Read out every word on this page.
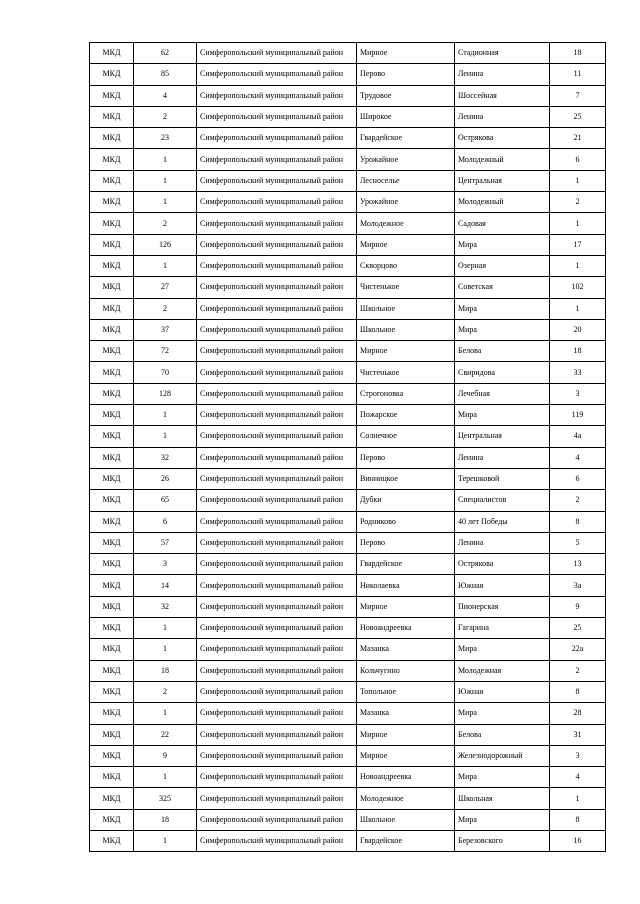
МКД	62	Симферопольский муниципальный район	Мирное	Стадионная	18
МКД	85	Симферопольский муниципальный район	Перово	Ленина	11
МКД	4	Симферопольский муниципальный район	Трудовое	Шоссейная	7
МКД	2	Симферопольский муниципальный район	Широкое	Ленина	25
МКД	23	Симферопольский муниципальный район	Гвардейское	Острякова	21
МКД	1	Симферопольский муниципальный район	Урожайное	Молодежный	6
МКД	1	Симферопольский муниципальный район	Лесноселье	Центральная	1
МКД	1	Симферопольский муниципальный район	Урожайное	Молодежный	2
МКД	2	Симферопольский муниципальный район	Молодежное	Садовая	1
МКД	126	Симферопольский муниципальный район	Мирное	Мира	17
МКД	1	Симферопольский муниципальный район	Скворцово	Озерная	1
МКД	27	Симферопольский муниципальный район	Чистенькое	Советская	102
МКД	2	Симферопольский муниципальный район	Школьное	Мира	1
МКД	37	Симферопольский муниципальный район	Школьное	Мира	20
МКД	72	Симферопольский муниципальный район	Мирное	Белова	18
МКД	70	Симферопольский муниципальный район	Чистенькое	Свиридова	33
МКД	128	Симферопольский муниципальный район	Строгоновка	Лечебная	3
МКД	1	Симферопольский муниципальный район	Пожарское	Мира	119
МКД	1	Симферопольский муниципальный район	Солнечное	Центральная	4а
МКД	32	Симферопольский муниципальный район	Перово	Ленина	4
МКД	26	Симферопольский муниципальный район	Винницкое	Терешковой	6
МКД	65	Симферопольский муниципальный район	Дубки	Специалистов	2
МКД	6	Симферопольский муниципальный район	Родниково	40 лет Победы	8
МКД	57	Симферопольский муниципальный район	Перово	Ленина	5
МКД	3	Симферопольский муниципальный район	Гвардейское	Острякова	13
МКД	14	Симферопольский муниципальный район	Николаевка	Южная	3а
МКД	32	Симферопольский муниципальный район	Мирное	Пионерская	9
МКД	1	Симферопольский муниципальный район	Новоандреевка	Гагарина	25
МКД	1	Симферопольский муниципальный район	Мазанка	Мира	22а
МКД	18	Симферопольский муниципальный район	Кольчугино	Молодежная	2
МКД	2	Симферопольский муниципальный район	Топольное	Южная	8
МКД	1	Симферопольский муниципальный район	Мазанка	Мира	28
МКД	22	Симферопольский муниципальный район	Мирное	Белова	31
МКД	9	Симферопольский муниципальный район	Мирное	Железнодорожный	3
МКД	1	Симферопольский муниципальный район	Новоандреевка	Мира	4
МКД	325	Симферопольский муниципальный район	Молодежное	Школьная	1
МКД	18	Симферопольский муниципальный район	Школьное	Мира	8
МКД	1	Симферопольский муниципальный район	Гвардейское	Березовского	16
